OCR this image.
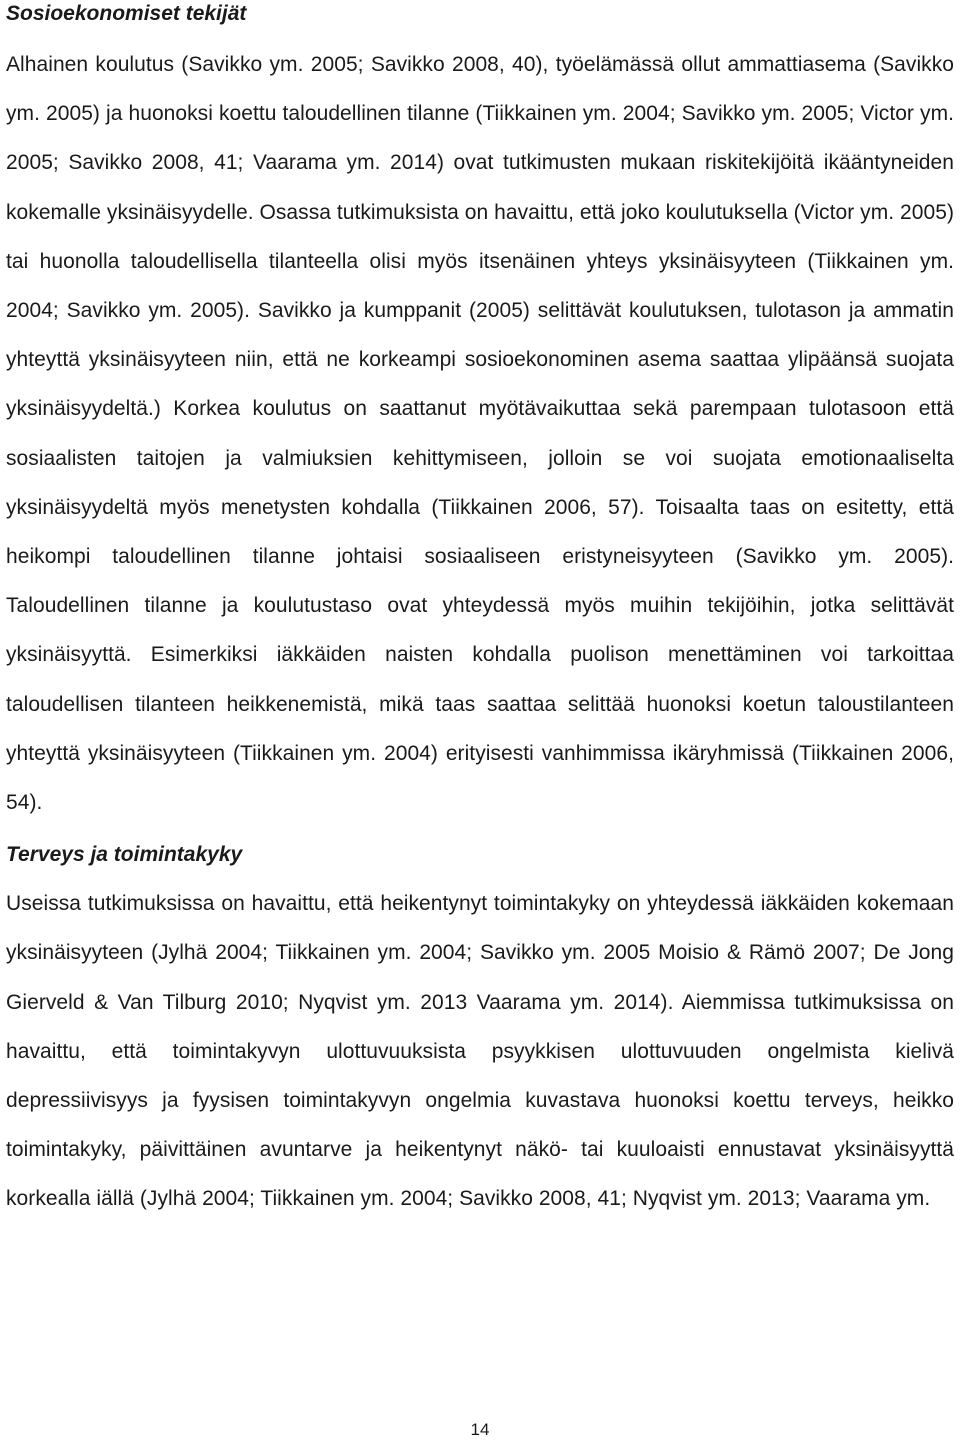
Sosioekonomiset tekijät

Alhainen koulutus (Savikko ym. 2005; Savikko 2008, 40), työelämässä ollut ammattiasema (Savikko ym. 2005) ja huonoksi koettu taloudellinen tilanne (Tiikkainen ym. 2004; Savikko ym. 2005; Victor ym. 2005; Savikko 2008, 41; Vaarama ym. 2014) ovat tutkimusten mukaan riskitekijöitä ikääntyneiden kokemalle yksinäisyydelle. Osassa tutkimuksista on havaittu, että joko koulutuksella (Victor ym. 2005) tai huonolla taloudellisella tilanteella olisi myös itsenäinen yhteys yksinäisyyteen (Tiikkainen ym. 2004; Savikko ym. 2005). Savikko ja kumppanit (2005) selittävät koulutuksen, tulotason ja ammatin yhteyttä yksinäisyyteen niin, että ne korkeampi sosioekonominen asema saattaa ylipäänsä suojata yksinäisyydeltä.) Korkea koulutus on saattanut myötävaikuttaa sekä parempaan tulotasoon että sosiaalisten taitojen ja valmiuksien kehittymiseen, jolloin se voi suojata emotionaaliselta yksinäisyydeltä myös menetysten kohdalla (Tiikkainen 2006, 57). Toisaalta taas on esitetty, että heikompi taloudellinen tilanne johtaisi sosiaaliseen eristyneisyyteen (Savikko ym. 2005). Taloudellinen tilanne ja koulutustaso ovat yhteydessä myös muihin tekijöihin, jotka selittävät yksinäisyyttä. Esimerkiksi iäkkäiden naisten kohdalla puolison menettäminen voi tarkoittaa taloudellisen tilanteen heikkenemistä, mikä taas saattaa selittää huonoksi koetun taloustilanteen yhteyttä yksinäisyyteen (Tiikkainen ym. 2004) erityisesti vanhimmissa ikäryhmissä (Tiikkainen 2006, 54).

Terveys ja toimintakyky

Useissa tutkimuksissa on havaittu, että heikentynyt toimintakyky on yhteydessä iäkkäiden kokemaan yksinäisyyteen (Jylhä 2004; Tiikkainen ym. 2004; Savikko ym. 2005 Moisio & Rämö 2007; De Jong Gierveld & Van Tilburg 2010; Nyqvist ym. 2013 Vaarama ym. 2014). Aiemmissa tutkimuksissa on havaittu, että toimintakyvyn ulottuvuuksista psyykkisen ulottuvuuden ongelmista kielivä depressiivisyys ja fyysisen toimintakyvyn ongelmia kuvastava huonoksi koettu terveys, heikko toimintakyky, päivittäinen avuntarve ja heikentynyt näkö- tai kuuloaisti ennustavat yksinäisyyttä korkealla iällä (Jylhä 2004; Tiikkainen ym. 2004; Savikko 2008, 41; Nyqvist ym. 2013; Vaarama ym.

14
